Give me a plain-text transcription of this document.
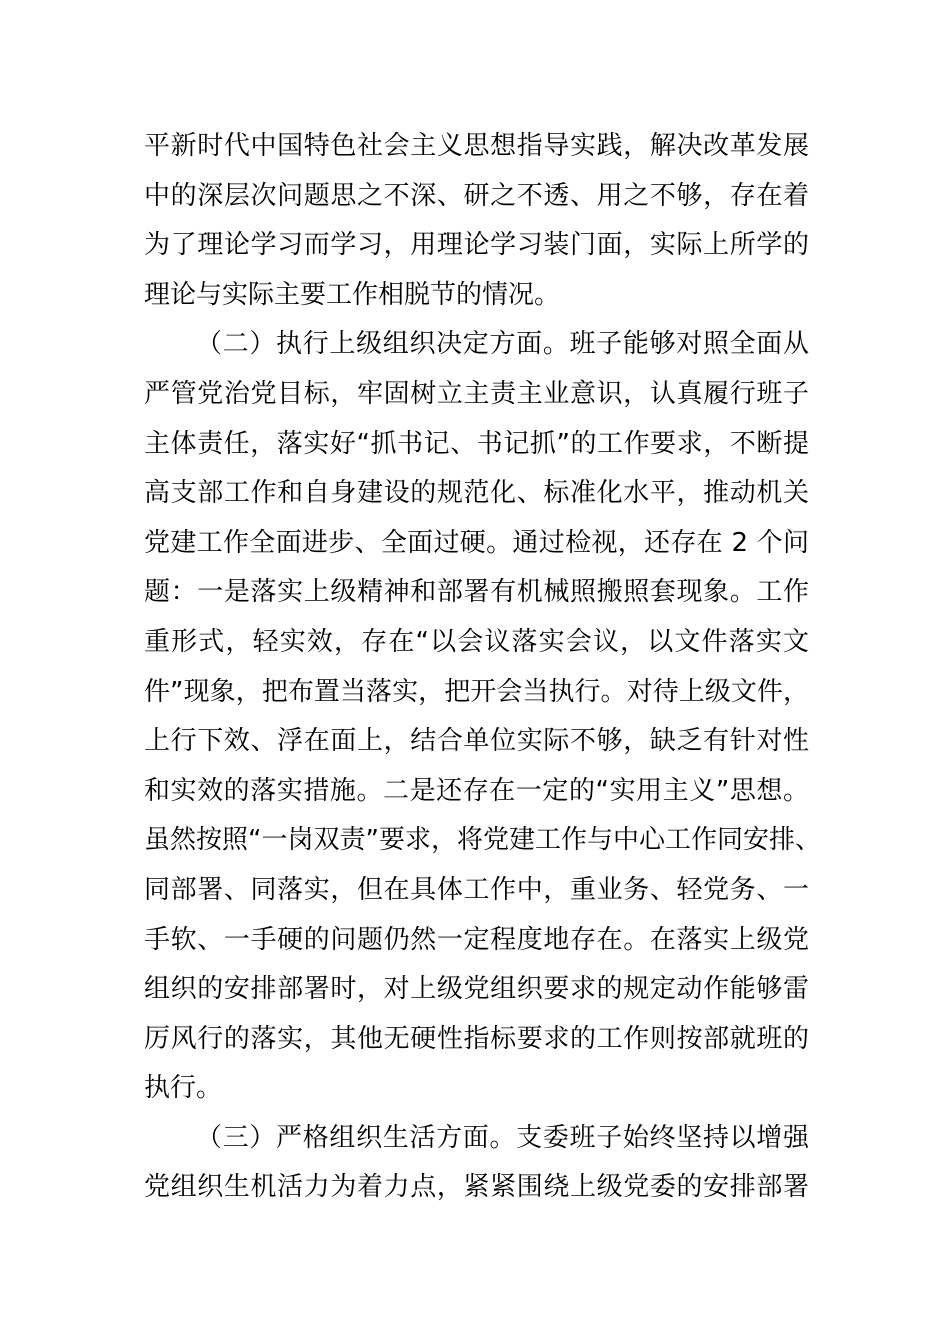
平新时代中国特色社会主义思想指导实践，解决改革发展
中的深层次问题思之不深、研之不透、用之不够，存在着
为了理论学习而学习，用理论学习装门面，实际上所学的
理论与实际主要工作相脱节的情况。
（二）执行上级组织决定方面。班子能够对照全面从
严管党治党目标，牢固树立主责主业意识，认真履行班子
主体责任，落实好“抓书记、书记抓”的工作要求，不断提
高支部工作和自身建设的规范化、标准化水平，推动机关
党建工作全面进步、全面过硬。通过检视，还存在 2 个问
题：一是落实上级精神和部署有机械照搬照套现象。工作
重形式，轻实效，存在“以会议落实会议，以文件落实文
件”现象，把布置当落实，把开会当执行。对待上级文件，
上行下效、浮在面上，结合单位实际不够，缺乏有针对性
和实效的落实措施。二是还存在一定的“实用主义”思想。
虽然按照“一岗双责”要求，将党建工作与中心工作同安排、
同部署、同落实，但在具体工作中，重业务、轻党务、一
手软、一手硬的问题仍然一定程度地存在。在落实上级党
组织的安排部署时，对上级党组织要求的规定动作能够雷
厉风行的落实，其他无硬性指标要求的工作则按部就班的
执行。
（三）严格组织生活方面。支委班子始终坚持以增强
党组织生机活力为着力点，紧紧围绕上级党委的安排部署
